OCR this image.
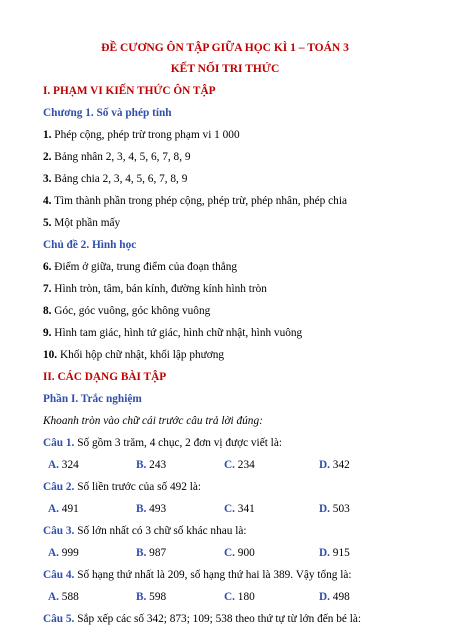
ĐỀ CƯƠNG ÔN TẬP GIỮA HỌC KÌ 1 – TOÁN 3
KẾT NỐI TRI THỨC
I. PHẠM VI KIẾN THỨC ÔN TẬP
Chương 1. Số và phép tính
1. Phép cộng, phép trừ trong phạm vi 1 000
2. Bảng nhân 2, 3, 4, 5, 6, 7, 8, 9
3. Bảng chia 2, 3, 4, 5, 6, 7, 8, 9
4. Tìm thành phần trong phép cộng, phép trừ, phép nhân, phép chia
5. Một phần mấy
Chủ đề 2. Hình học
6. Điểm ở giữa, trung điểm của đoạn thẳng
7. Hình tròn, tâm, bán kính, đường kính hình tròn
8. Góc, góc vuông, góc không vuông
9. Hình tam giác, hình tứ giác, hình chữ nhật, hình vuông
10. Khối hộp chữ nhật, khối lập phương
II. CÁC DẠNG BÀI TẬP
Phần I. Trắc nghiệm
Khoanh tròn vào chữ cái trước câu trả lời đúng:
Câu 1. Số gồm 3 trăm, 4 chục, 2 đơn vị được viết là:
A. 324	B. 243	C. 234	D. 342
Câu 2. Số liền trước của số 492 là:
A. 491	B. 493	C. 341	D. 503
Câu 3. Số lớn nhất có 3 chữ số khác nhau là:
A. 999	B. 987	C. 900	D. 915
Câu 4. Số hạng thứ nhất là 209, số hạng thứ hai là 389. Vậy tổng là:
A. 588	B. 598	C. 180	D. 498
Câu 5. Sắp xếp các số 342; 873; 109; 538 theo thứ tự từ lớn đến bé là:
